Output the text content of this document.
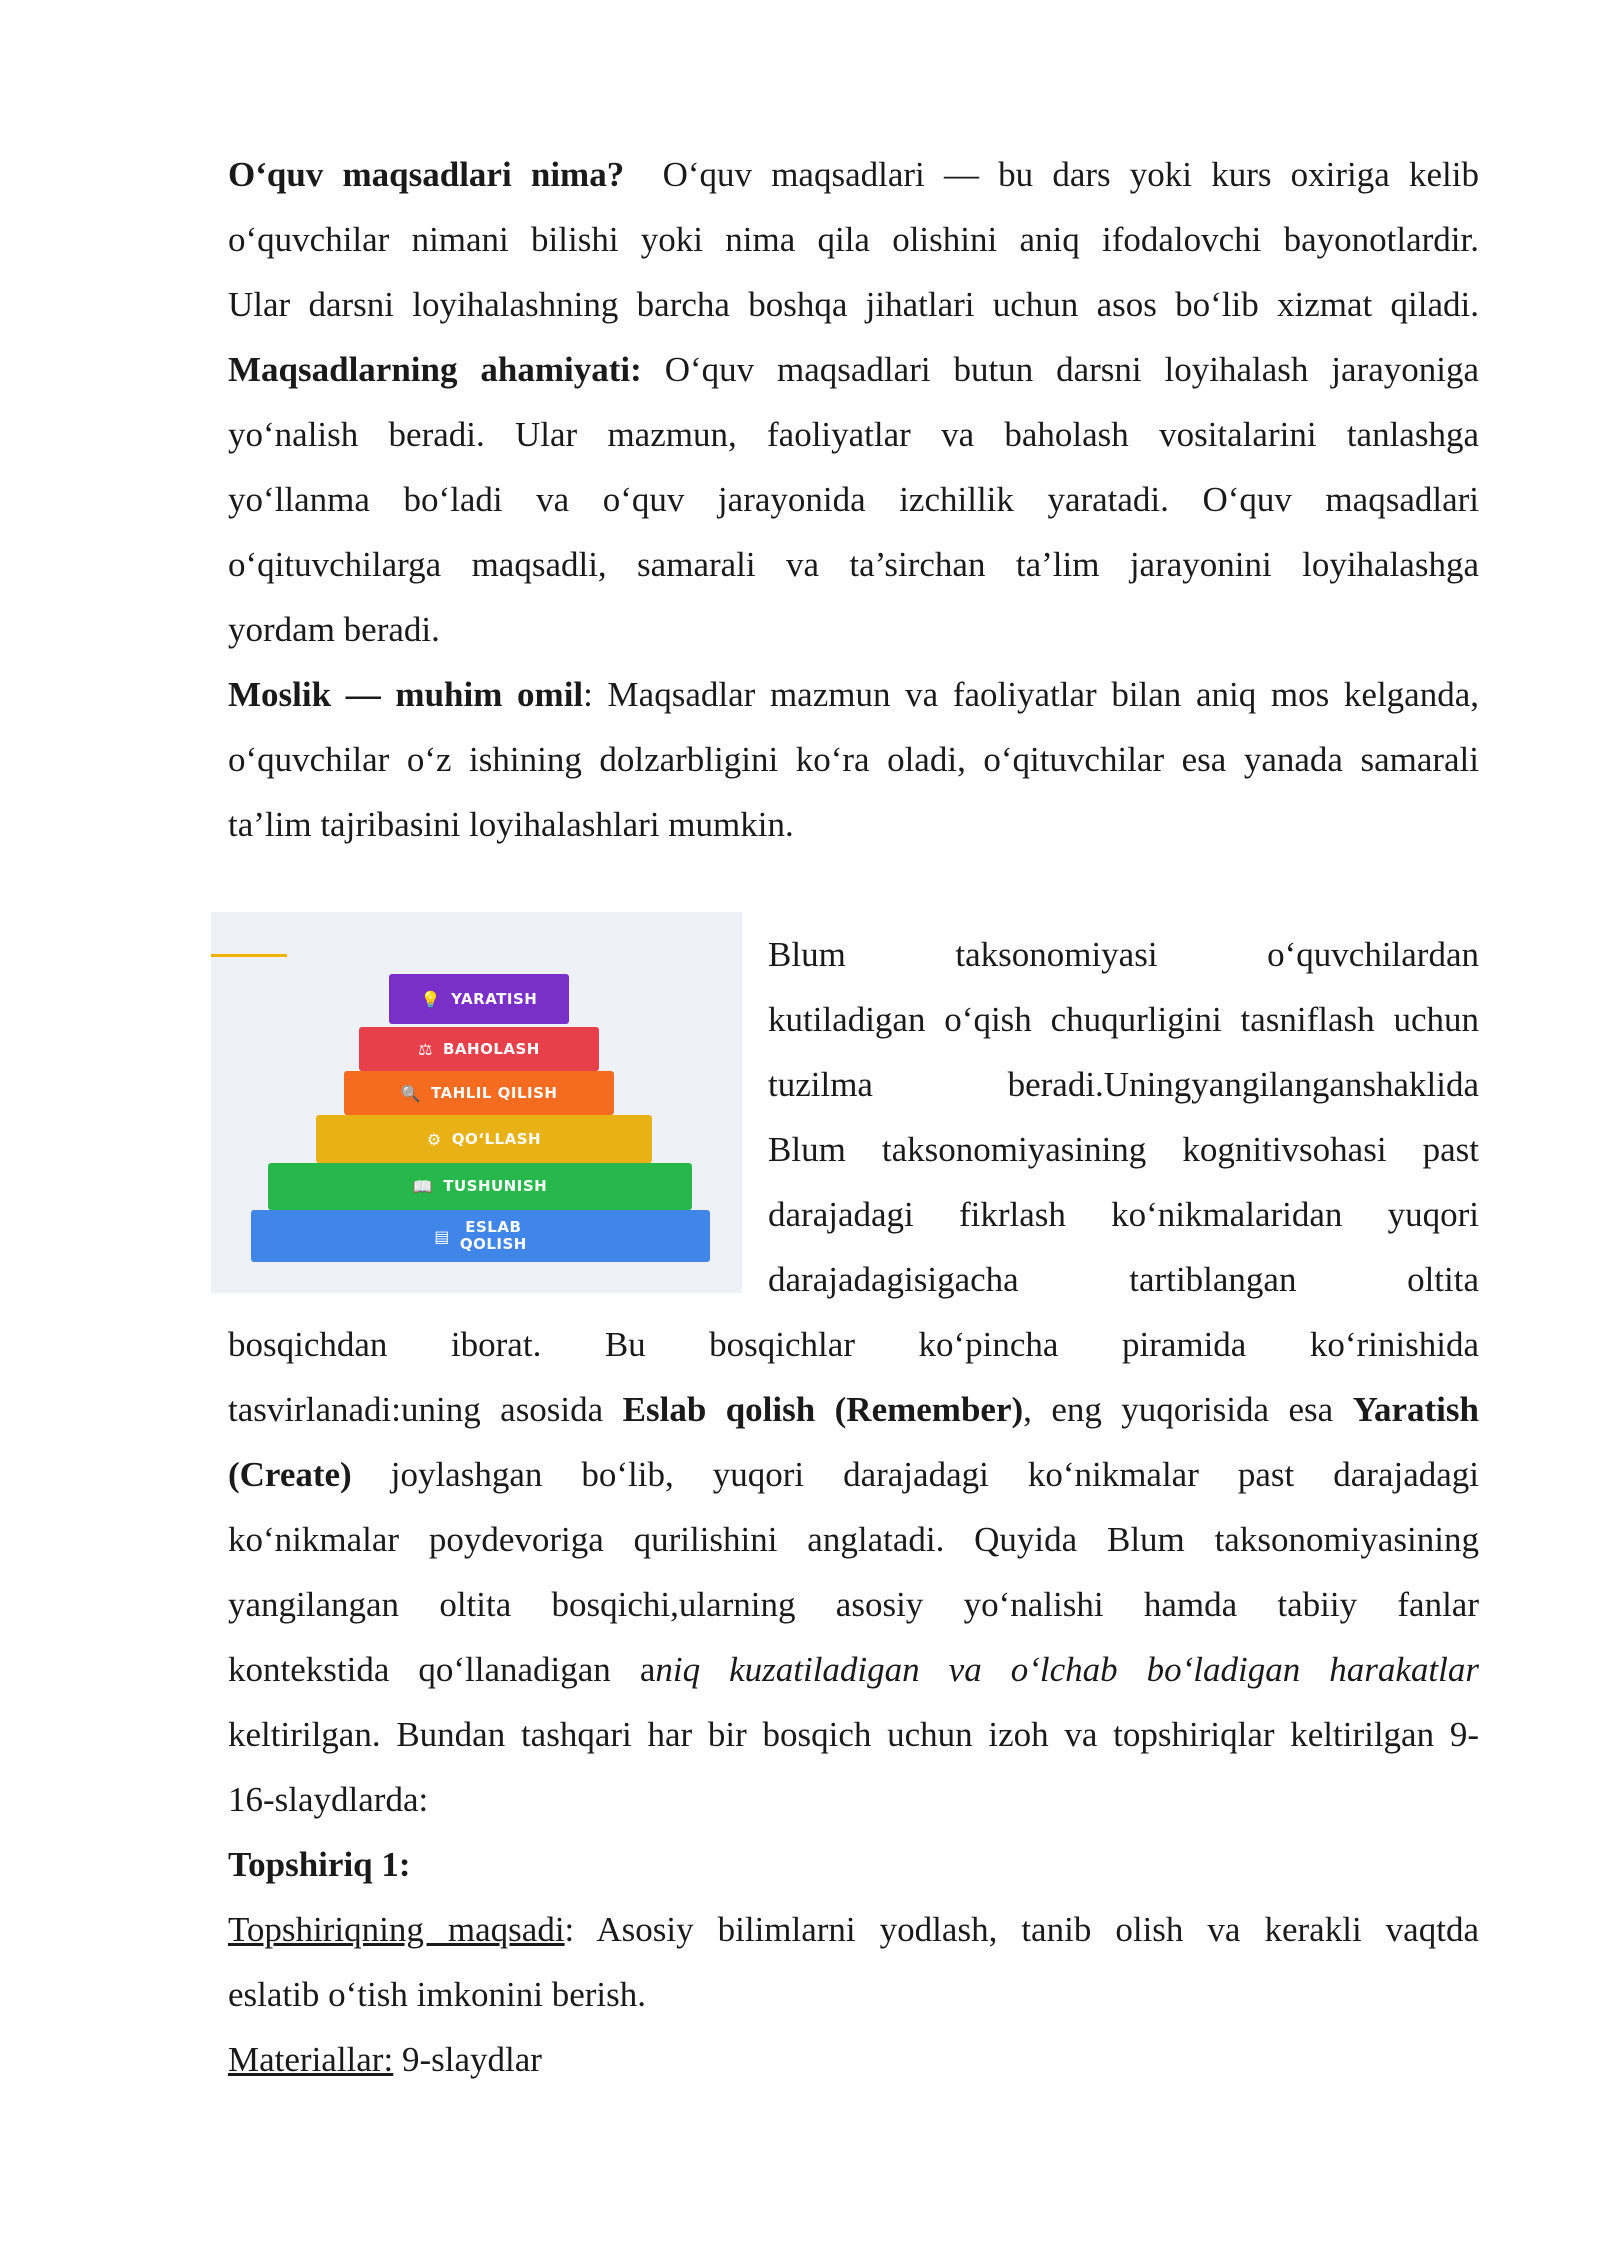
O‘quv maqsadlari nima? O‘quv maqsadlari — bu dars yoki kurs oxiriga kelib
o‘quvchilar nimani bilishi yoki nima qila olishini aniq ifodalovchi bayonotlardir.
Ular darsni loyihalashning barcha boshqa jihatlari uchun asos bo‘lib xizmat qiladi.
Maqsadlarning ahamiyati: O‘quv maqsadlari butun darsni loyihalash jarayoniga
yo‘nalish beradi. Ular mazmun, faoliyatlar va baholash vositalarini tanlashga
yo‘llanma bo‘ladi va o‘quv jarayonida izchillik yaratadi. O‘quv maqsadlari
o‘qituvchilarga maqsadli, samarali va ta’sirchan ta’lim jarayonini loyihalashga
yordam beradi.
Moslik — muhim omil: Maqsadlar mazmun va faoliyatlar bilan aniq mos kelganda,
o‘quvchilar o‘z ishining dolzarbligini ko‘ra oladi, o‘qituvchilar esa yanada samarali
ta’lim tajribasini loyihalashlari mumkin.
💡 YARATISH
⚖ BAHOLASH
🔍 TAHLIL QILISH
⚙ QO‘LLASH
📖 TUSHUNISH
▤	ESLAB
QOLISH
Blum taksonomiyasi o‘quvchilardan
kutiladigan o‘qish chuqurligini tasniflash uchun
tuzilma beradi.Uningyangilanganshaklida
Blum taksonomiyasining kognitivsohasi past
darajadagi fikrlash ko‘nikmalaridan yuqori
darajadagisigacha tartiblangan oltita
bosqichdan iborat. Bu bosqichlar ko‘pincha piramida ko‘rinishida
tasvirlanadi:uning asosida Eslab qolish (Remember), eng yuqorisida esa Yaratish
(Create) joylashgan bo‘lib, yuqori darajadagi ko‘nikmalar past darajadagi
ko‘nikmalar poydevoriga qurilishini anglatadi. Quyida Blum taksonomiyasining
yangilangan oltita bosqichi,ularning asosiy yo‘nalishi hamda tabiiy fanlar
kontekstida qo‘llanadigan aniq kuzatiladigan va o‘lchab bo‘ladigan harakatlar
keltirilgan. Bundan tashqari har bir bosqich uchun izoh va topshiriqlar keltirilgan 9-
16-slaydlarda:
Topshiriq 1:
Topshiriqning maqsadi: Asosiy bilimlarni yodlash, tanib olish va kerakli vaqtda
eslatib o‘tish imkonini berish.
Materiallar: 9-slaydlar
